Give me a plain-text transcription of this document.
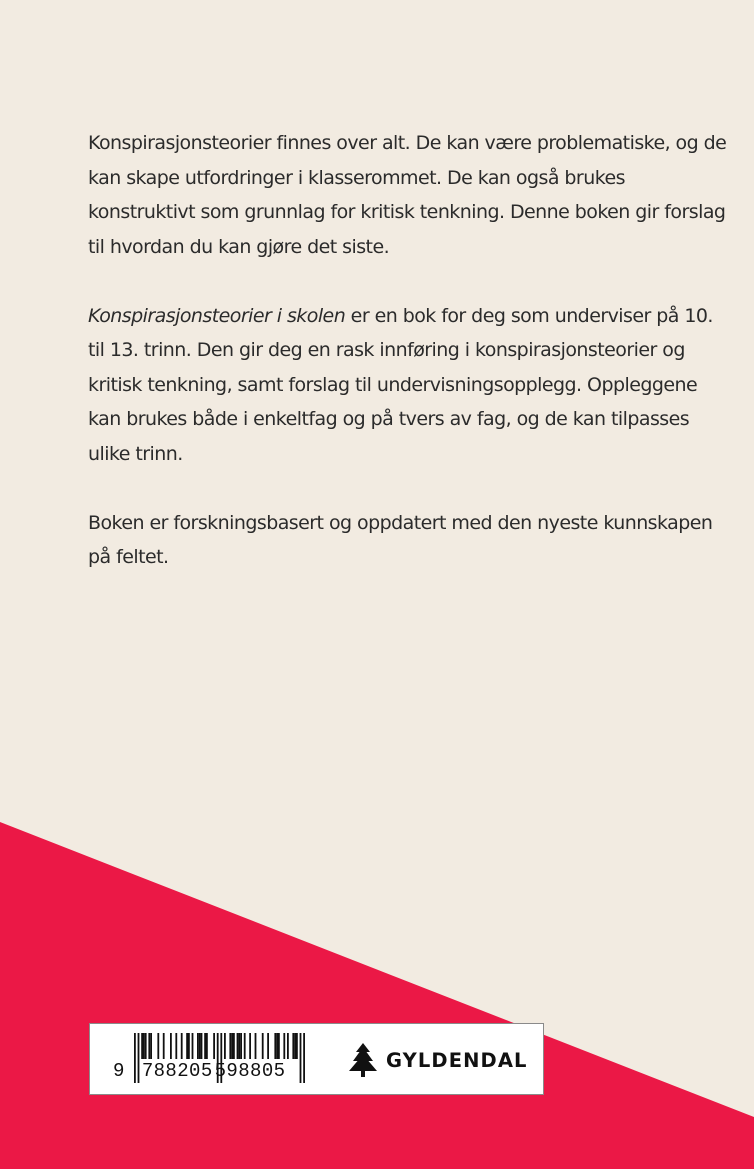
Konspirasjonsteorier finnes over alt. De kan være problematiske, og de kan skape utfordringer i klasserommet. De kan også brukes konstruktivt som grunnlag for kritisk tenkning. Denne boken gir forslag til hvordan du kan gjøre det siste.

Konspirasjonsteorier i skolen er en bok for deg som underviser på 10. til 13. trinn. Den gir deg en rask innføring i konspirasjonsteorier og kritisk tenkning, samt forslag til undervisningsopplegg. Oppleggene kan brukes både i enkeltfag og på tvers av fag, og de kan tilpasses ulike trinn.

Boken er forskningsbasert og oppdatert med den nyeste kunnskapen på feltet.

9 788205 598805	GYLDENDAL
